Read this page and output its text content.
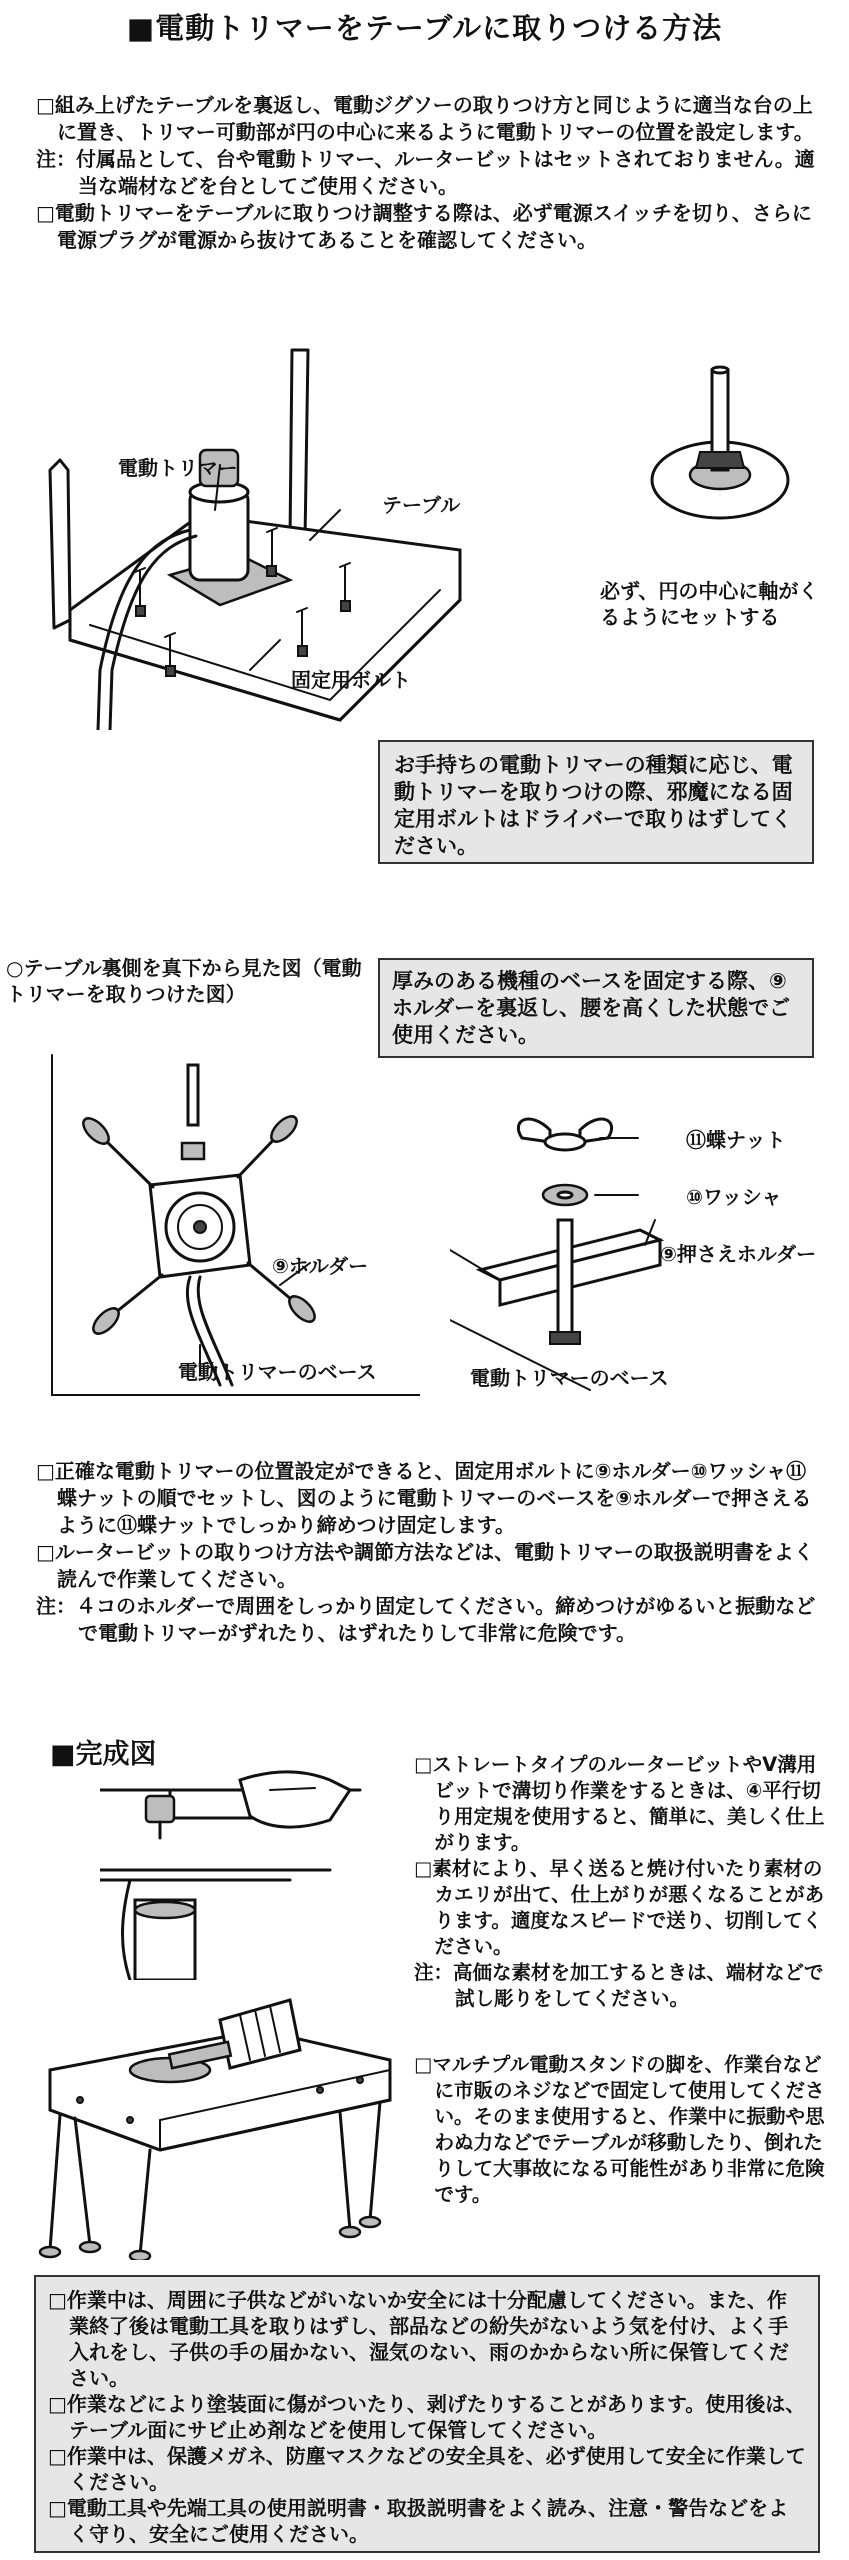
■電動トリマーをテーブルに取りつける方法

□組み上げたテーブルを裏返し、電動ジグソーの取りつけ方と同じように適当な台の上に置き、トリマー可動部が円の中心に来るように電動トリマーの位置を設定します。

注：付属品として、台や電動トリマー、ルータービットはセットされておりません。適当な端材などを台としてご使用ください。

□電動トリマーをテーブルに取りつけ調整する際は、必ず電源スイッチを切り、さらに電源プラグが電源から抜けてあることを確認してください。

電動トリマー
テーブル
固定用ボルト
必ず、円の中心に軸がくるようにセットする
お手持ちの電動トリマーの種類に応じ、電動トリマーを取りつけの際、邪魔になる固定用ボルトはドライバーで取りはずしてください。
○テーブル裏側を真下から見た図（電動トリマーを取りつけた図）
厚みのある機種のベースを固定する際、⑨ホルダーを裏返し、腰を高くした状態でご使用ください。
⑨ホルダー
電動トリマーのベース
⑪蝶ナット
⑩ワッシャ
⑨押さえホルダー
電動トリマーのベース

□正確な電動トリマーの位置設定ができると、固定用ボルトに⑨ホルダー⑩ワッシャ⑪蝶ナットの順でセットし、図のように電動トリマーのベースを⑨ホルダーで押さえるように⑪蝶ナットでしっかり締めつけ固定します。

□ルータービットの取りつけ方法や調節方法などは、電動トリマーの取扱説明書をよく読んで作業してください。

注：４コのホルダーで周囲をしっかり固定してください。締めつけがゆるいと振動などで電動トリマーがずれたり、はずれたりして非常に危険です。

■完成図	□ストレートタイプのルータービットやV溝用ビットで溝切り作業をするときは、④平行切り用定規を使用すると、簡単に、美しく仕上がります。

□素材により、早く送ると焼け付いたり素材のカエリが出て、仕上がりが悪くなることがあります。適度なスピードで送り、切削してください。

注：高価な素材を加工するときは、端材などで試し彫りをしてください。

□マルチプル電動スタンドの脚を、作業台などに市販のネジなどで固定して使用してください。そのまま使用すると、作業中に振動や思わぬ力などでテーブルが移動したり、倒れたりして大事故になる可能性があり非常に危険です。

□作業中は、周囲に子供などがいないか安全には十分配慮してください。また、作業終了後は電動工具を取りはずし、部品などの紛失がないよう気を付け、よく手入れをし、子供の手の届かない、湿気のない、雨のかからない所に保管してください。

□作業などにより塗装面に傷がついたり、剥げたりすることがあります。使用後は、テーブル面にサビ止め剤などを使用して保管してください。

□作業中は、保護メガネ、防塵マスクなどの安全具を、必ず使用して安全に作業してください。

□電動工具や先端工具の使用説明書・取扱説明書をよく読み、注意・警告などをよく守り、安全にご使用ください。
